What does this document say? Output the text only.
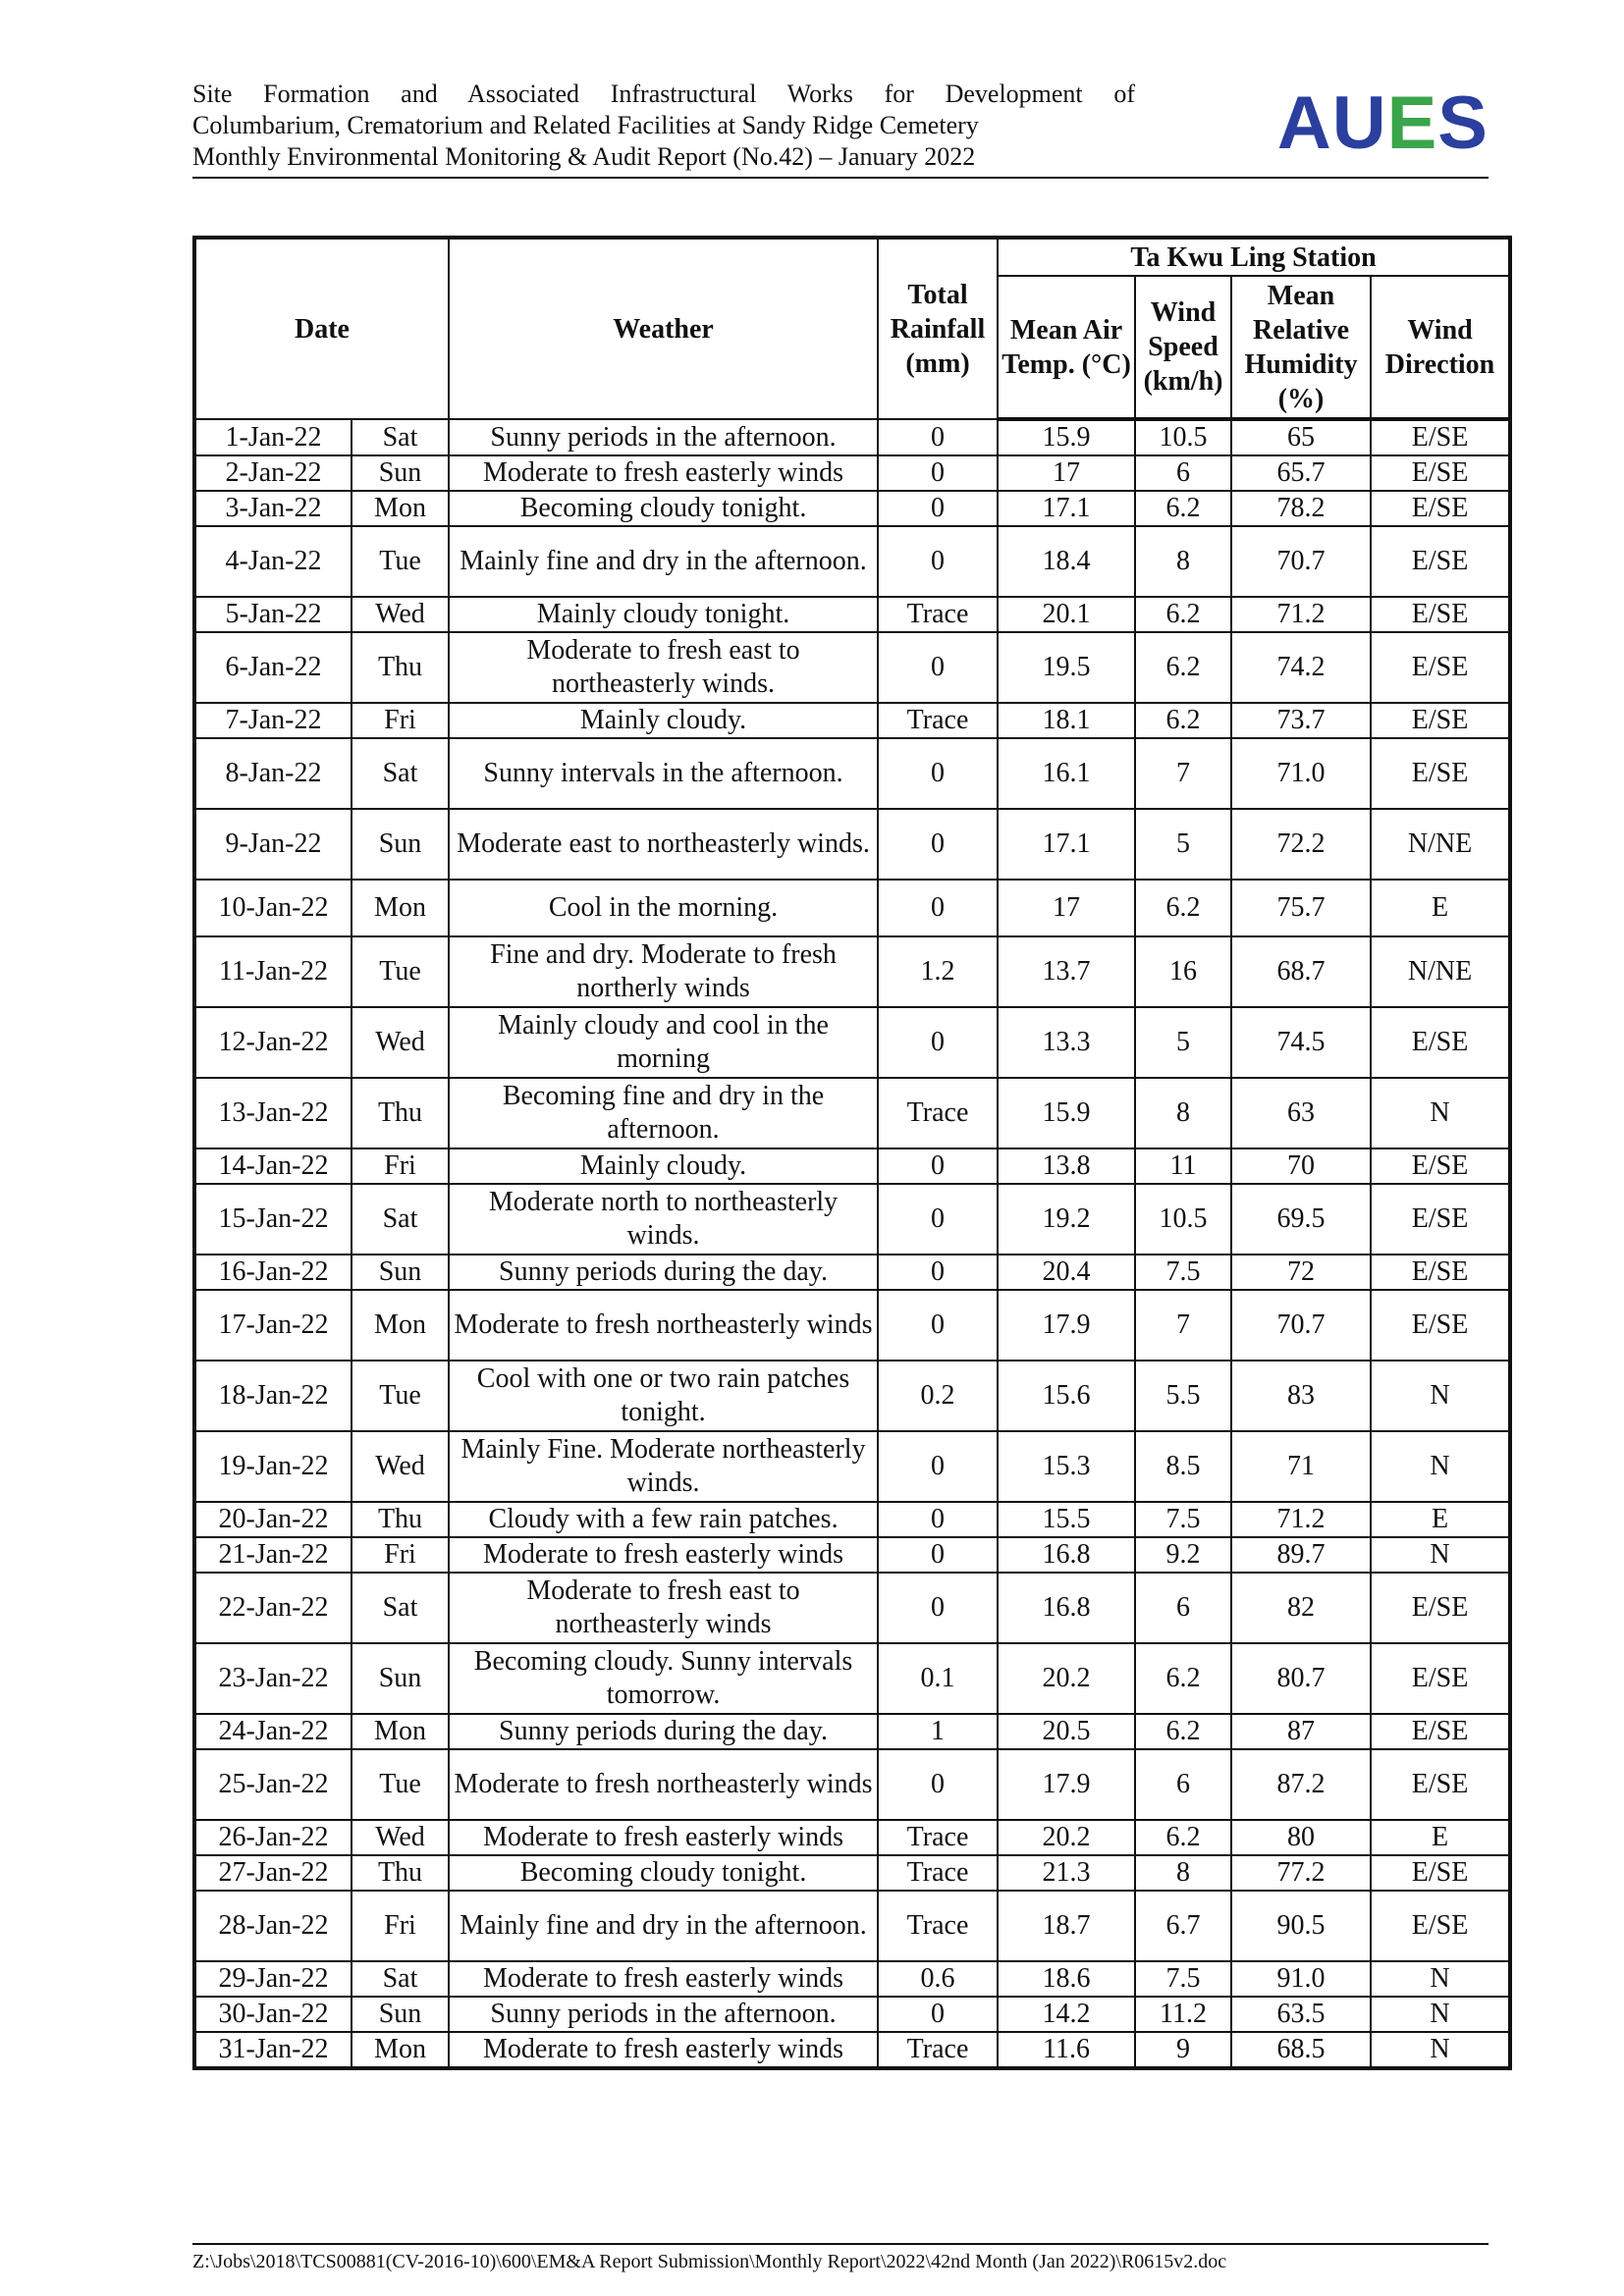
Site Formation and Associated Infrastructural Works for Development of
Columbarium, Crematorium and Related Facilities at Sandy Ridge Cemetery
Monthly Environmental Monitoring & Audit Report (No.42) – January 2022	AUES
Date		Weather	Total Rainfall (mm)	Ta Kwu Ling Station			
				Mean Air Temp. (°C)	Wind Speed (km/h)	Mean Relative Humidity (%)	Wind Direction
1-Jan-22	Sat	Sunny periods in the afternoon.	0	15.9	10.5	65	E/SE
2-Jan-22	Sun	Moderate to fresh easterly winds	0	17	6	65.7	E/SE
3-Jan-22	Mon	Becoming cloudy tonight.	0	17.1	6.2	78.2	E/SE
4-Jan-22	Tue	Mainly fine and dry in the afternoon.	0	18.4	8	70.7	E/SE
5-Jan-22	Wed	Mainly cloudy tonight.	Trace	20.1	6.2	71.2	E/SE
6-Jan-22	Thu	Moderate to fresh east to northeasterly winds.	0	19.5	6.2	74.2	E/SE
7-Jan-22	Fri	Mainly cloudy.	Trace	18.1	6.2	73.7	E/SE
8-Jan-22	Sat	Sunny intervals in the afternoon.	0	16.1	7	71.0	E/SE
9-Jan-22	Sun	Moderate east to northeasterly winds.	0	17.1	5	72.2	N/NE
10-Jan-22	Mon	Cool in the morning.	0	17	6.2	75.7	E
11-Jan-22	Tue	Fine and dry. Moderate to fresh northerly winds	1.2	13.7	16	68.7	N/NE
12-Jan-22	Wed	Mainly cloudy and cool in the morning	0	13.3	5	74.5	E/SE
13-Jan-22	Thu	Becoming fine and dry in the afternoon.	Trace	15.9	8	63	N
14-Jan-22	Fri	Mainly cloudy.	0	13.8	11	70	E/SE
15-Jan-22	Sat	Moderate north to northeasterly winds.	0	19.2	10.5	69.5	E/SE
16-Jan-22	Sun	Sunny periods during the day.	0	20.4	7.5	72	E/SE
17-Jan-22	Mon	Moderate to fresh northeasterly winds	0	17.9	7	70.7	E/SE
18-Jan-22	Tue	Cool with one or two rain patches tonight.	0.2	15.6	5.5	83	N
19-Jan-22	Wed	Mainly Fine. Moderate northeasterly winds.	0	15.3	8.5	71	N
20-Jan-22	Thu	Cloudy with a few rain patches.	0	15.5	7.5	71.2	E
21-Jan-22	Fri	Moderate to fresh easterly winds	0	16.8	9.2	89.7	N
22-Jan-22	Sat	Moderate to fresh east to northeasterly winds	0	16.8	6	82	E/SE
23-Jan-22	Sun	Becoming cloudy. Sunny intervals tomorrow.	0.1	20.2	6.2	80.7	E/SE
24-Jan-22	Mon	Sunny periods during the day.	1	20.5	6.2	87	E/SE
25-Jan-22	Tue	Moderate to fresh northeasterly winds	0	17.9	6	87.2	E/SE
26-Jan-22	Wed	Moderate to fresh easterly winds	Trace	20.2	6.2	80	E
27-Jan-22	Thu	Becoming cloudy tonight.	Trace	21.3	8	77.2	E/SE
28-Jan-22	Fri	Mainly fine and dry in the afternoon.	Trace	18.7	6.7	90.5	E/SE
29-Jan-22	Sat	Moderate to fresh easterly winds	0.6	18.6	7.5	91.0	N
30-Jan-22	Sun	Sunny periods in the afternoon.	0	14.2	11.2	63.5	N
31-Jan-22	Mon	Moderate to fresh easterly winds	Trace	11.6	9	68.5	N
Z:\Jobs\2018\TCS00881(CV-2016-10)\600\EM&A Report Submission\Monthly Report\2022\42nd Month (Jan 2022)\R0615v2.doc
